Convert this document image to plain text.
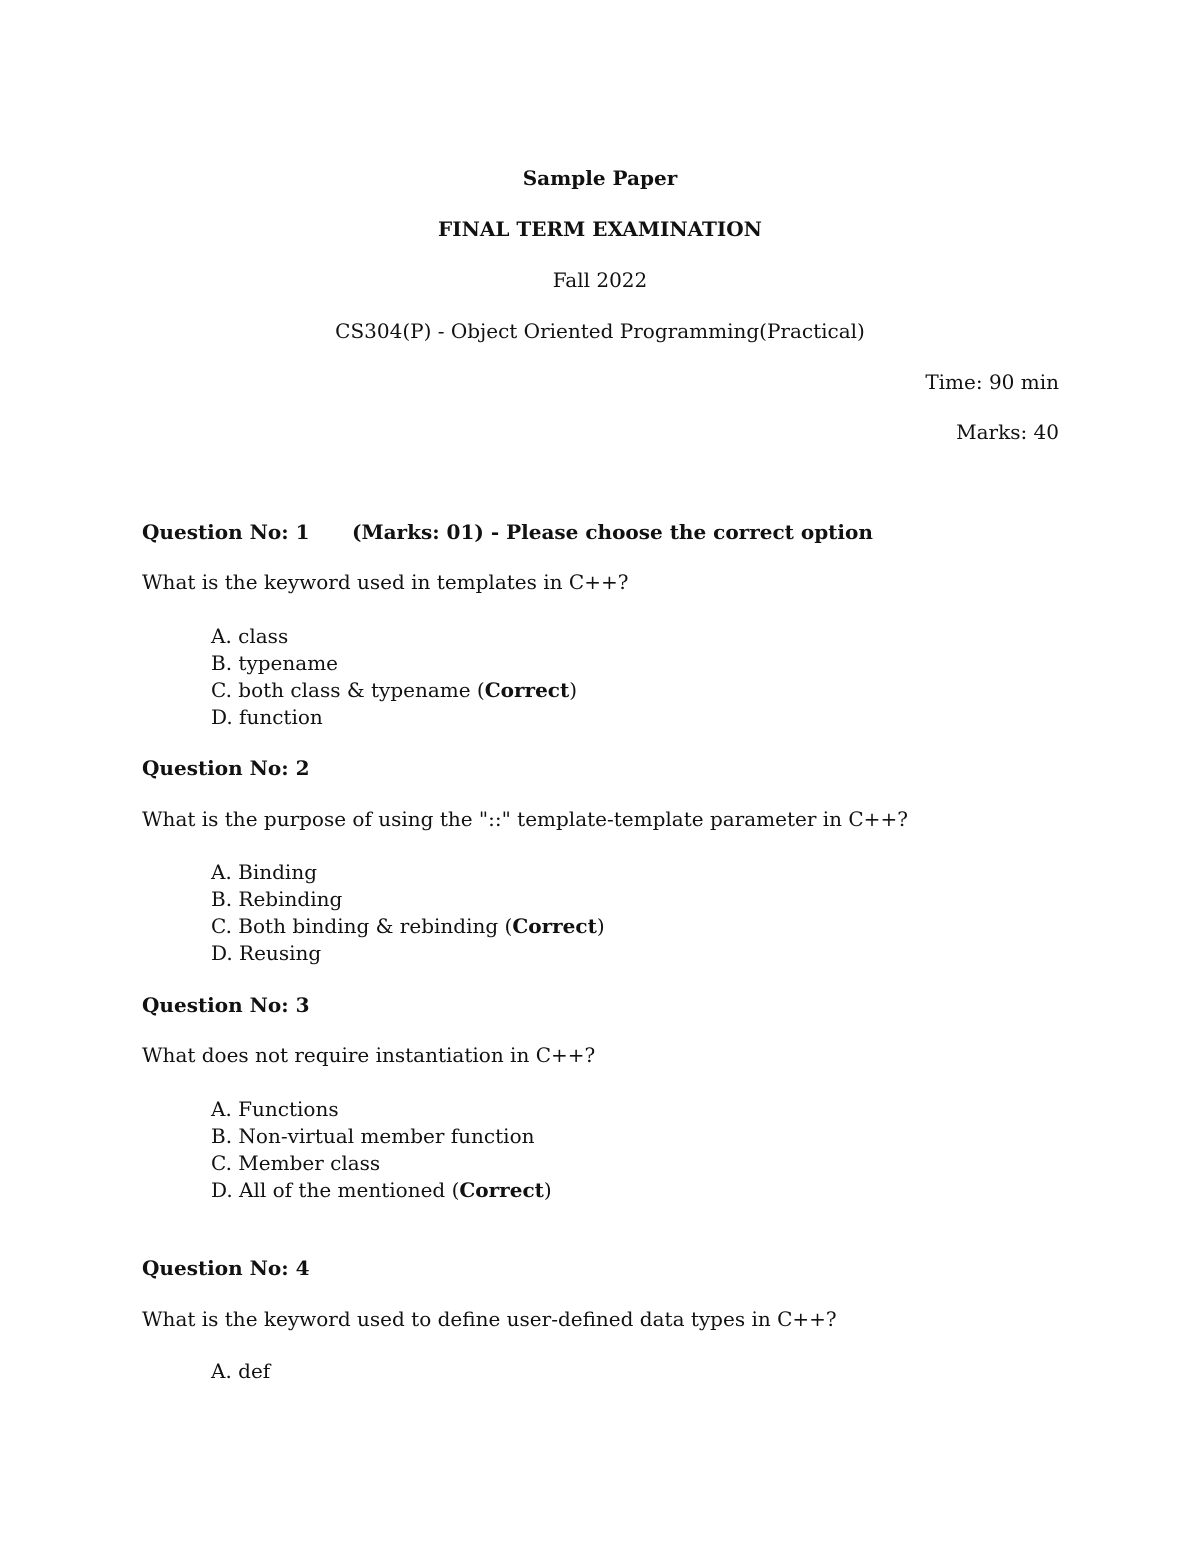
Sample Paper
FINAL TERM EXAMINATION
Fall 2022
CS304(P) - Object Oriented Programming(Practical)
Time: 90 min
Marks: 40
Question No: 1 (Marks: 01) - Please choose the correct option
What is the keyword used in templates in C++?
A. class
B. typename
C. both class & typename (Correct)
D. function
Question No: 2
What is the purpose of using the "::" template-template parameter in C++?
A. Binding
B. Rebinding
C. Both binding & rebinding (Correct)
D. Reusing
Question No: 3
What does not require instantiation in C++?
A. Functions
B. Non-virtual member function
C. Member class
D. All of the mentioned (Correct)
Question No: 4
What is the keyword used to define user-defined data types in C++?
A. def
